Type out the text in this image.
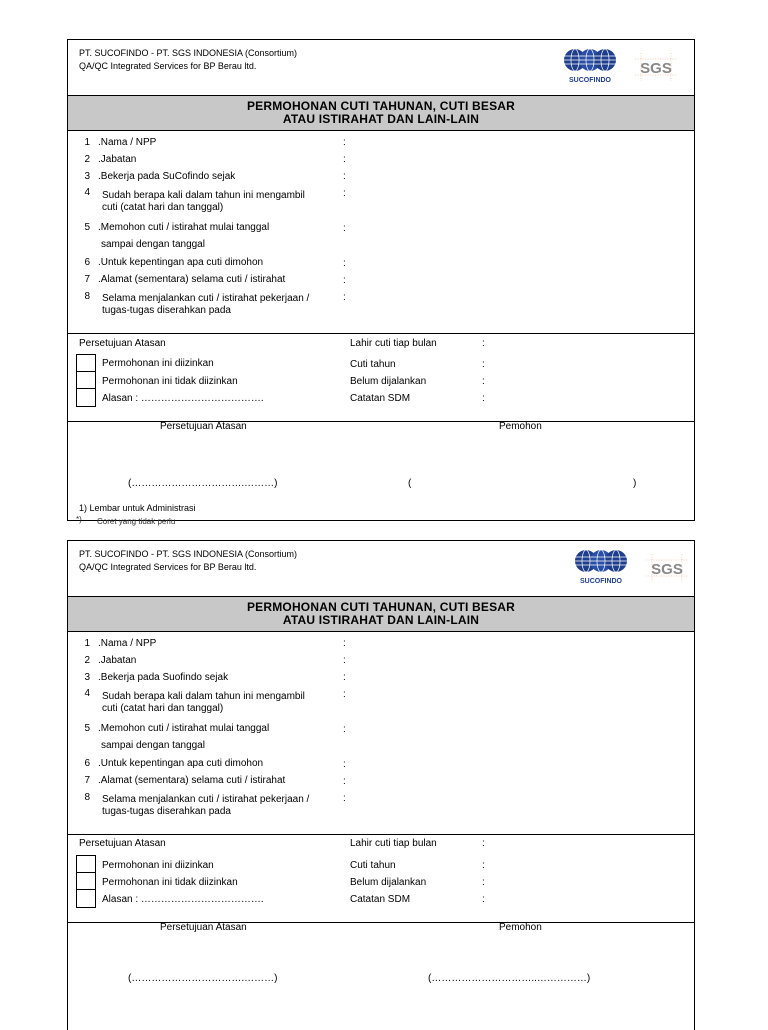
PT. SUCOFINDO - PT. SGS INDONESIA (Consortium)
QA/QC Integrated Services for BP Berau ltd.
SUCOFINDO
SGS
PERMOHONAN CUTI TAHUNAN, CUTI BESAR
ATAU ISTIRAHAT DAN LAIN-LAIN
1 .Nama / NPP	:
2 .Jabatan	:
3 .Bekerja pada SuCofindo sejak	:
4 Sudah berapa kali dalam tahun ini mengambil
cuti (catat hari dan tanggal)
:
5 .Memohon cuti / istirahat mulai tanggal
sampai dengan tanggal
:
6 .Untuk kepentingan apa cuti dimohon	:
7 .Alamat (sementara) selama cuti / istirahat	:
8 Selama menjalankan cuti / istirahat pekerjaan /
tugas-tugas diserahkan pada
:
Persetujuan Atasan
Permohonan ini diizinkan
Permohonan ini tidak diizinkan
Alasan : ……………………………….
Lahir cuti tiap bulan	:
Cuti tahun	:
Belum dijalankan	:
Catatan SDM	:
Persetujuan Atasan	Pemohon
(…………………………….………)	(	)
1) Lembar untuk Administrasi
*) Coret yang tidak perlu
PT. SUCOFINDO - PT. SGS INDONESIA (Consortium)
QA/QC Integrated Services for BP Berau ltd.
SUCOFINDO
SGS
PERMOHONAN CUTI TAHUNAN, CUTI BESAR
ATAU ISTIRAHAT DAN LAIN-LAIN
1 .Nama / NPP	:
2 .Jabatan	:
3 .Bekerja pada Suofindo sejak	:
4 Sudah berapa kali dalam tahun ini mengambil
cuti (catat hari dan tanggal)
:
5 .Memohon cuti / istirahat mulai tanggal
sampai dengan tanggal
:
6 .Untuk kepentingan apa cuti dimohon	:
7 .Alamat (sementara) selama cuti / istirahat	:
8 Selama menjalankan cuti / istirahat pekerjaan /
tugas-tugas diserahkan pada
:
Persetujuan Atasan
Permohonan ini diizinkan
Permohonan ini tidak diizinkan
Alasan : ……………………………….
Lahir cuti tiap bulan	:
Cuti tahun	:
Belum dijalankan	:
Catatan SDM	:
Persetujuan Atasan	Pemohon
(…………………………….………)	(…………………………..……………)
